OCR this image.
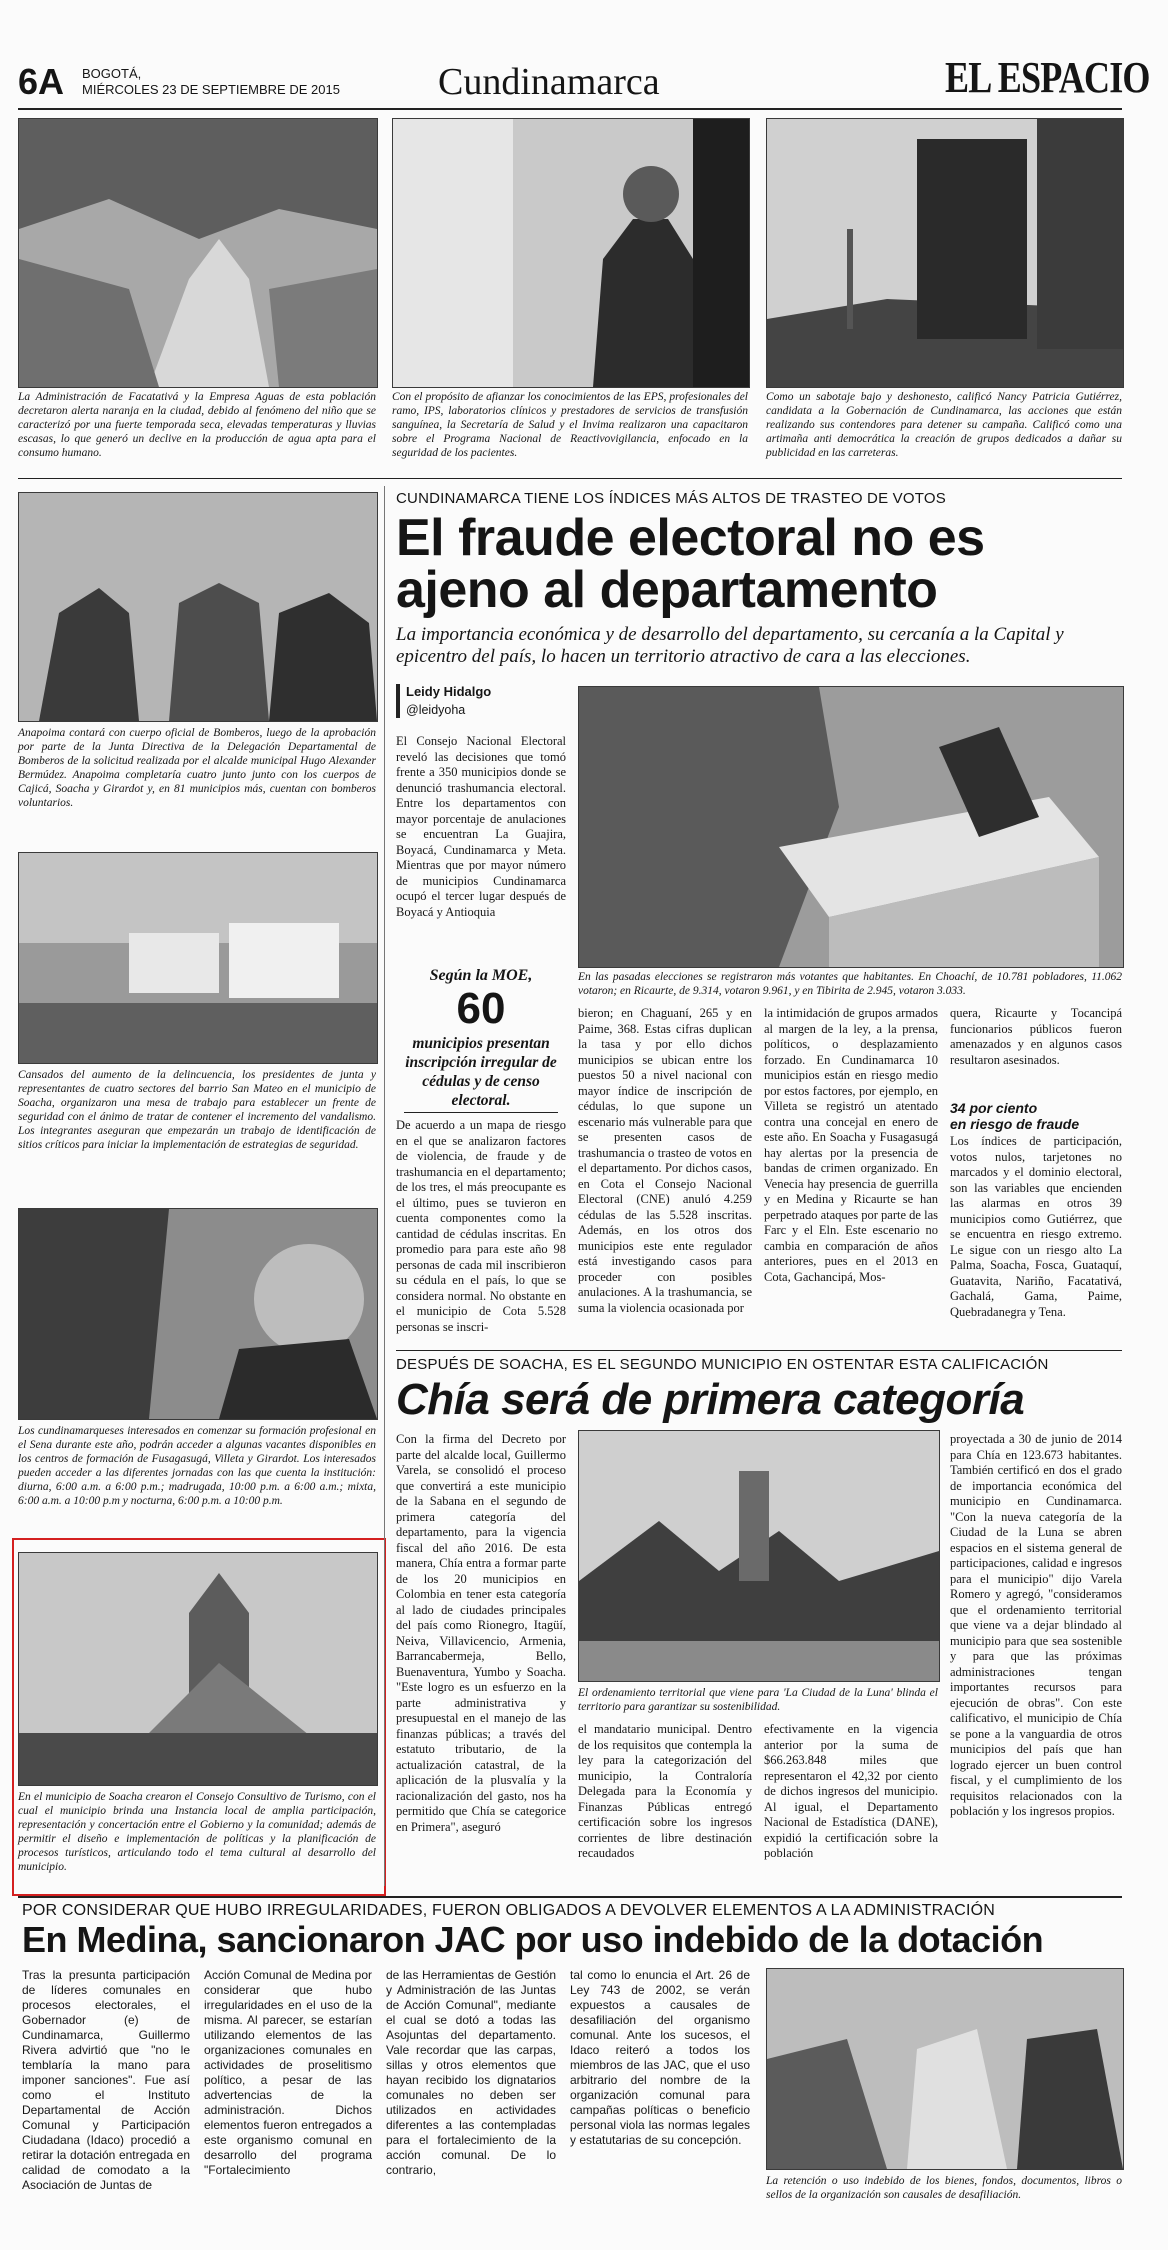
6A BOGOTÁ,
MIÉRCOLES 23 DE SEPTIEMBRE DE 2015	Cundinamarca	EL ESPACIO

La Administración de Facatativá y la Empresa Aguas de esta población decretaron alerta naranja en la ciudad, debido al fenómeno del niño que se caracterizó por una fuerte temporada seca, elevadas temperaturas y lluvias escasas, lo que generó un declive en la producción de agua apta para el consumo humano.

Con el propósito de afianzar los conocimientos de las EPS, profesionales del ramo, IPS, laboratorios clínicos y prestadores de servicios de transfusión sanguínea, la Secretaría de Salud y el Invima realizaron una capacitaron sobre el Programa Nacional de Reactivovigilancia, enfocado en la seguridad de los pacientes.

Como un sabotaje bajo y deshonesto, calificó Nancy Patricia Gutiérrez, candidata a la Gobernación de Cundinamarca, las acciones que están realizando sus contendores para detener su campaña. Calificó como una artimaña anti democrática la creación de grupos dedicados a dañar su publicidad en las carreteras.

Anapoima contará con cuerpo oficial de Bomberos, luego de la aprobación por parte de la Junta Directiva de la Delegación Departamental de Bomberos de la solicitud realizada por el alcalde municipal Hugo Alexander Bermúdez. Anapoima completaría cuatro junto junto con los cuerpos de Cajicá, Soacha y Girardot y, en 81 municipios más, cuentan con bomberos voluntarios.

Cansados del aumento de la delincuencia, los presidentes de junta y representantes de cuatro sectores del barrio San Mateo en el municipio de Soacha, organizaron una mesa de trabajo para establecer un frente de seguridad con el ánimo de tratar de contener el incremento del vandalismo. Los integrantes aseguran que empezarán un trabajo de identificación de sitios críticos para iniciar la implementación de estrategias de seguridad.

Los cundinamarqueses interesados en comenzar su formación profesional en el Sena durante este año, podrán acceder a algunas vacantes disponibles en los centros de formación de Fusagasugá, Villeta y Girardot. Los interesados pueden acceder a las diferentes jornadas con las que cuenta la institución: diurna, 6:00 a.m. a 6:00 p.m.; madrugada, 10:00 p.m. a 6:00 a.m.; mixta, 6:00 a.m. a 10:00 p.m y nocturna, 6:00 p.m. a 10:00 p.m.

En el municipio de Soacha crearon el Consejo Consultivo de Turismo, con el cual el municipio brinda una Instancia local de amplia participación, representación y concertación entre el Gobierno y la comunidad; además de permitir el diseño e implementación de políticas y la planificación de procesos turísticos, articulando todo el tema cultural al desarrollo del municipio.

CUNDINAMARCA TIENE LOS ÍNDICES MÁS ALTOS DE TRASTEO DE VOTOS
El fraude electoral no es
ajeno al departamento

La importancia económica y de desarrollo del departamento, su cercanía a la Capital y epicentro del país, lo hacen un territorio atractivo de cara a las elecciones.

Leidy Hidalgo
@leidyoha

El Consejo Nacional Electoral reveló las decisiones que tomó frente a 350 municipios donde se denunció trashumancia electoral. Entre los departamentos con mayor porcentaje de anulaciones se encuentran La Guajira, Boyacá, Cundinamarca y Meta. Mientras que por mayor número de municipios Cundinamarca ocupó el tercer lugar después de Boyacá y Antioquia

En las pasadas elecciones se registraron más votantes que habitantes. En Choachí, de 10.781 pobladores, 11.062 votaron; en Ricaurte, de 9.314, votaron 9.961, y en Tibirita de 2.945, votaron 3.033.

Según la MOE,
60
municipios presentan inscripción irregular de cédulas y de censo electoral.

De acuerdo a un mapa de riesgo en el que se analizaron factores de violencia, de fraude y de trashumancia en el departamento; de los tres, el más preocupante es el último, pues se tuvieron en cuenta componentes como la cantidad de cédulas inscritas. En promedio para para este año 98 personas de cada mil inscribieron su cédula en el país, lo que se considera normal. No obstante en el municipio de Cota 5.528 personas se inscri-

bieron; en Chaguaní, 265 y en Paime, 368. Estas cifras duplican la tasa y por ello dichos municipios se ubican entre los puestos 50 a nivel nacional con mayor índice de inscripción de cédulas, lo que supone un escenario más vulnerable para que se presenten casos de trashumancia o trasteo de votos en el departamento. Por dichos casos, en Cota el Consejo Nacional Electoral (CNE) anuló 4.259 cédulas de las 5.528 inscritas. Además, en los otros dos municipios este ente regulador está investigando casos para proceder con posibles anulaciones. A la trashumancia, se suma la violencia ocasionada por

la intimidación de grupos armados al margen de la ley, a la prensa, políticos, o desplazamiento forzado. En Cundinamarca 10 municipios están en riesgo medio por estos factores, por ejemplo, en Villeta se registró un atentado contra una concejal en enero de este año. En Soacha y Fusagasugá hay alertas por la presencia de bandas de crimen organizado. En Venecia hay presencia de guerrilla y en Medina y Ricaurte se han perpetrado ataques por parte de las Farc y el Eln. Este escenario no cambia en comparación de años anteriores, pues en el 2013 en Cota, Gachancipá, Mos-

quera, Ricaurte y Tocancipá funcionarios públicos fueron amenazados y en algunos casos resultaron asesinados.

34 por ciento
en riesgo de fraude

Los índices de participación, votos nulos, tarjetones no marcados y el dominio electoral, son las variables que encienden las alarmas en otros 39 municipios como Gutiérrez, que se encuentra en riesgo extremo. Le sigue con un riesgo alto La Palma, Soacha, Fosca, Guataquí, Guatavita, Nariño, Facatativá, Gachalá, Gama, Paime, Quebradanegra y Tena.

DESPUÉS DE SOACHA, ES EL SEGUNDO MUNICIPIO EN OSTENTAR ESTA CALIFICACIÓN
Chía será de primera categoría

Con la firma del Decreto por parte del alcalde local, Guillermo Varela, se consolidó el proceso que convertirá a este municipio de la Sabana en el segundo de primera categoría del departamento, para la vigencia fiscal del año 2016. De esta manera, Chía entra a formar parte de los 20 municipios en Colombia en tener esta categoría al lado de ciudades principales del país como Rionegro, Itagüí, Neiva, Villavicencio, Armenia, Barrancabermeja, Bello, Buenaventura, Yumbo y Soacha. "Este logro es un esfuerzo en la parte administrativa y presupuestal en el manejo de las finanzas públicas; a través del estatuto tributario, de la actualización catastral, de la aplicación de la plusvalía y la racionalización del gasto, nos ha permitido que Chía se categorice en Primera", aseguró

El ordenamiento territorial que viene para 'La Ciudad de la Luna' blinda el territorio para garantizar su sostenibilidad.

el mandatario municipal. Dentro de los requisitos que contempla la ley para la categorización del municipio, la Contraloría Delegada para la Economía y Finanzas Públicas entregó certificación sobre los ingresos corrientes de libre destinación recaudados

efectivamente en la vigencia anterior por la suma de $66.263.848 miles que representaron el 42,32 por ciento de dichos ingresos del municipio. Al igual, el Departamento Nacional de Estadística (DANE), expidió la certificación sobre la población

proyectada a 30 de junio de 2014 para Chía en 123.673 habitantes. También certificó en dos el grado de importancia económica del municipio en Cundinamarca. "Con la nueva categoría de la Ciudad de la Luna se abren espacios en el sistema general de participaciones, calidad e ingresos para el municipio" dijo Varela Romero y agregó, "consideramos que el ordenamiento territorial que viene va a dejar blindado al municipio para que sea sostenible y para que las próximas administraciones tengan importantes recursos para ejecución de obras". Con este calificativo, el municipio de Chía se pone a la vanguardia de otros municipios del país que han logrado ejercer un buen control fiscal, y el cumplimiento de los requisitos relacionados con la población y los ingresos propios.

POR CONSIDERAR QUE HUBO IRREGULARIDADES, FUERON OBLIGADOS A DEVOLVER ELEMENTOS A LA ADMINISTRACIÓN
En Medina, sancionaron JAC por uso indebido de la dotación

Tras la presunta participación de líderes comunales en procesos electorales, el Gobernador (e) de Cundinamarca, Guillermo Rivera advirtió que "no le temblaría la mano para imponer sanciones". Fue así como el Instituto Departamental de Acción Comunal y Participación Ciudadana (Idaco) procedió a retirar la dotación entregada en calidad de comodato a la Asociación de Juntas de

Acción Comunal de Medina por considerar que hubo irregularidades en el uso de la misma. Al parecer, se estarían utilizando elementos de las organizaciones comunales en actividades de proselitismo político, a pesar de las advertencias de la administración. Dichos elementos fueron entregados a este organismo comunal en desarrollo del programa "Fortalecimiento

de las Herramientas de Gestión y Administración de las Juntas de Acción Comunal", mediante el cual se dotó a todas las Asojuntas del departamento. Vale recordar que las carpas, sillas y otros elementos que hayan recibido los dignatarios comunales no deben ser utilizados en actividades diferentes a las contempladas para el fortalecimiento de la acción comunal. De lo contrario,

tal como lo enuncia el Art. 26 de Ley 743 de 2002, se verán expuestos a causales de desafiliación del organismo comunal. Ante los sucesos, el Idaco reiteró a todos los miembros de las JAC, que el uso arbitrario del nombre de la organización comunal para campañas políticas o beneficio personal viola las normas legales y estatutarias de su concepción.

La retención o uso indebido de los bienes, fondos, documentos, libros o sellos de la organización son causales de desafiliación.
